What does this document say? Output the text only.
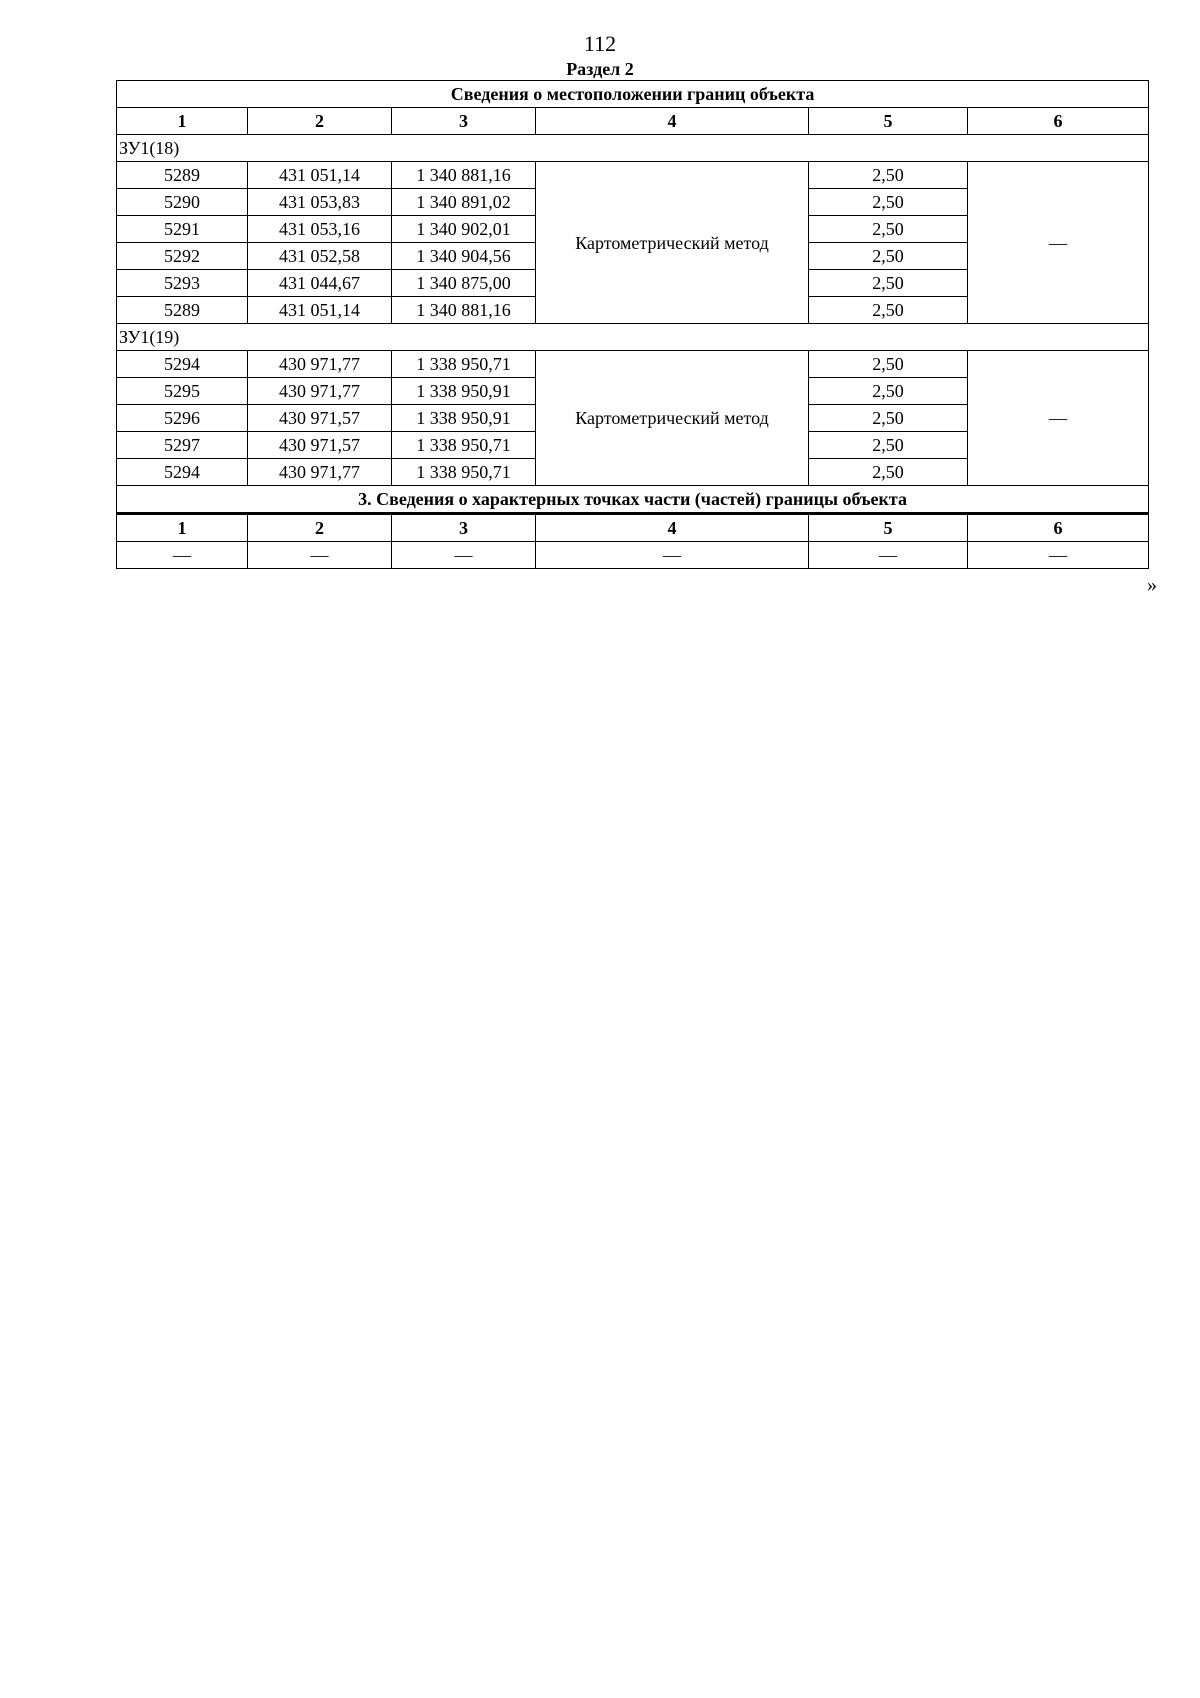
112
Раздел 2
Сведения о местоположении границ объекта					
1	2	3	4	5	6
ЗУ1(18)					
5289	431 051,14	1 340 881,16	Картометрический метод	2,50	—
5290	431 053,83	1 340 891,02		2,50	
5291	431 053,16	1 340 902,01		2,50	
5292	431 052,58	1 340 904,56		2,50	
5293	431 044,67	1 340 875,00		2,50	
5289	431 051,14	1 340 881,16		2,50	
ЗУ1(19)					
5294	430 971,77	1 338 950,71	Картометрический метод	2,50	—
5295	430 971,77	1 338 950,91		2,50	
5296	430 971,57	1 338 950,91		2,50	
5297	430 971,57	1 338 950,71		2,50	
5294	430 971,77	1 338 950,71		2,50	
3. Сведения о характерных точках части (частей) границы объекта					
1	2	3	4	5	6
—	—	—	—	—	—
»
